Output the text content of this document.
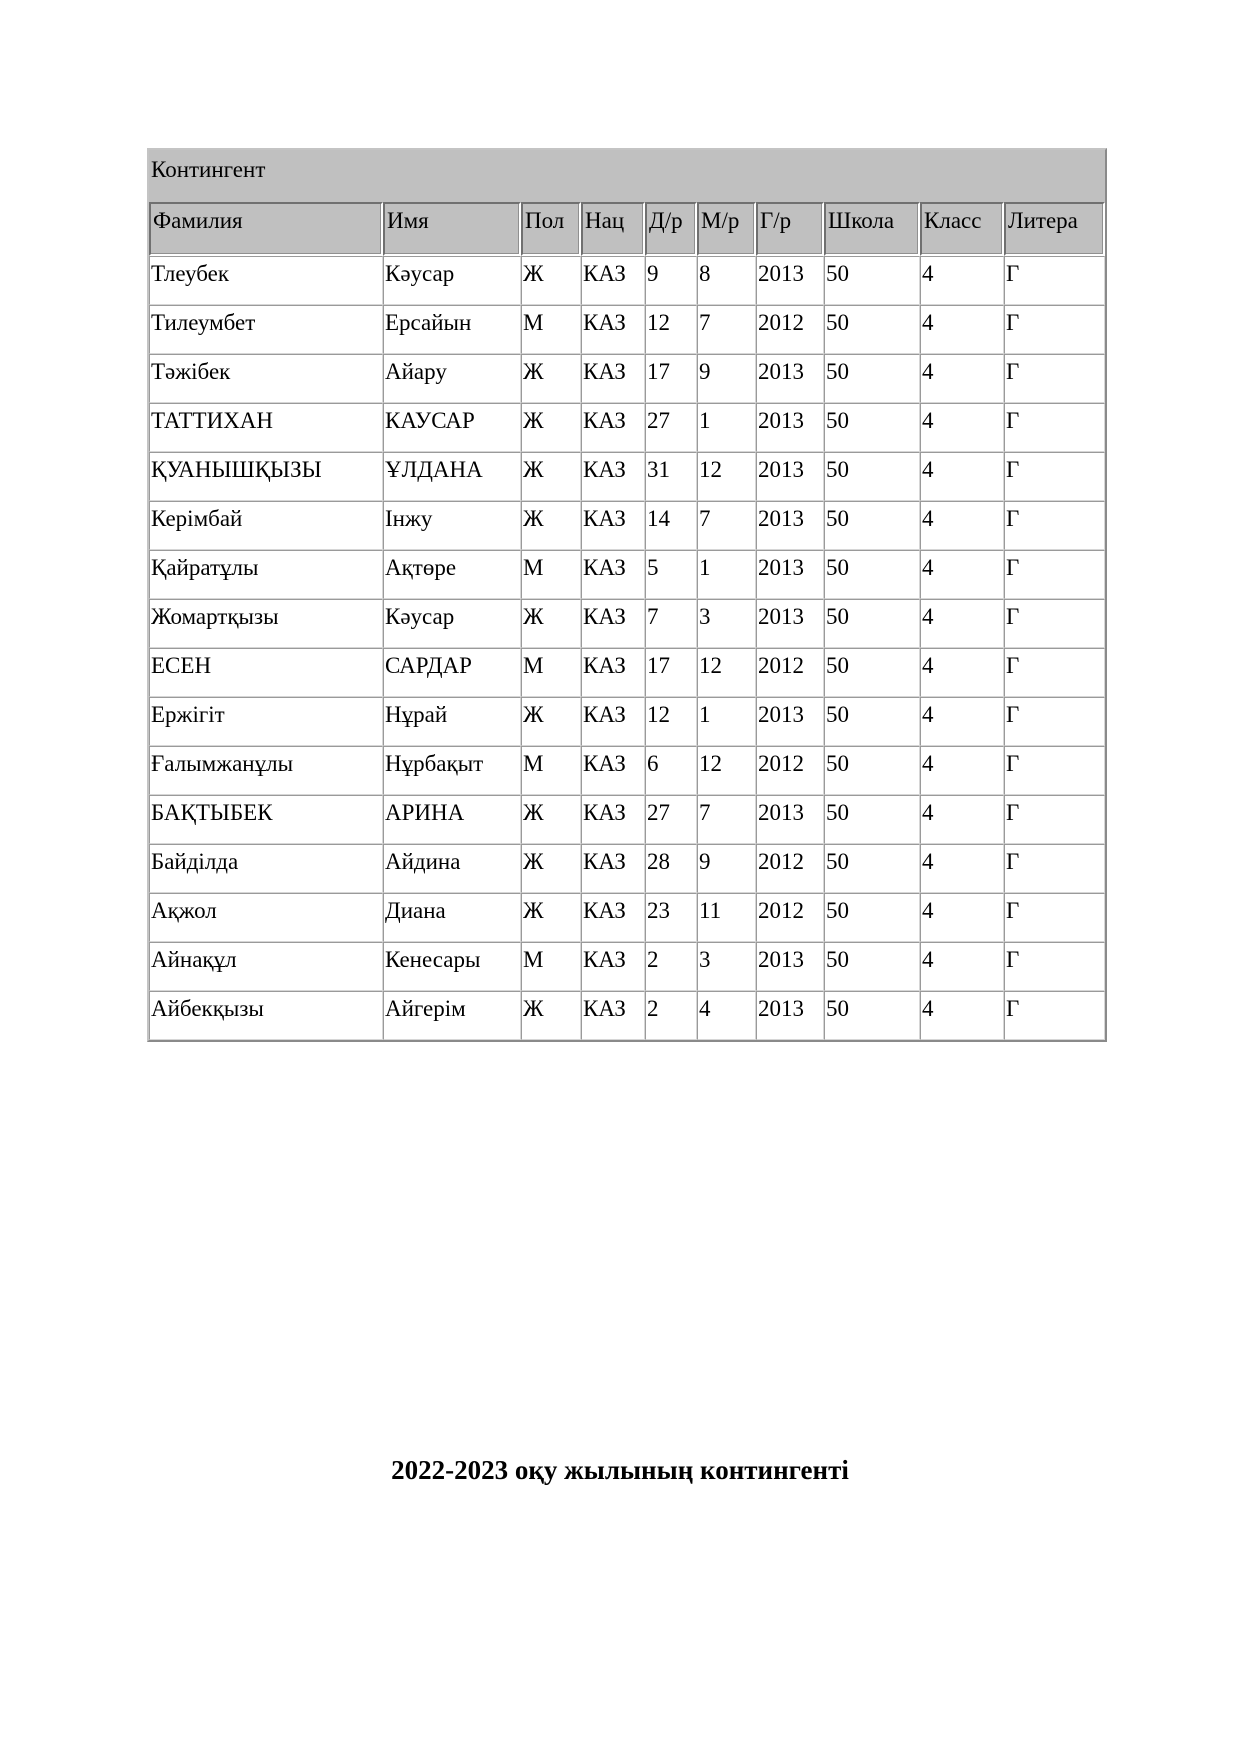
Контингент									
Фамилия	Имя	Пол	Нац	Д/р	М/р	Г/р	Школа	Класс	Литера
Тлеубек	Кәусар	Ж	КАЗ	9	8	2013	50	4	Г
Тилеумбет	Ерсайын	М	КАЗ	12	7	2012	50	4	Г
Тәжібек	Айару	Ж	КАЗ	17	9	2013	50	4	Г
ТАТТИХАН	КАУСАР	Ж	КАЗ	27	1	2013	50	4	Г
ҚУАНЫШҚЫЗЫ	ҰЛДАНА	Ж	КАЗ	31	12	2013	50	4	Г
Керімбай	Інжу	Ж	КАЗ	14	7	2013	50	4	Г
Қайратұлы	Ақтөре	М	КАЗ	5	1	2013	50	4	Г
Жомартқызы	Кәусар	Ж	КАЗ	7	3	2013	50	4	Г
ЕСЕН	САРДАР	М	КАЗ	17	12	2012	50	4	Г
Ержігіт	Нұрай	Ж	КАЗ	12	1	2013	50	4	Г
Ғалымжанұлы	Нұрбақыт	М	КАЗ	6	12	2012	50	4	Г
БАҚТЫБЕК	АРИНА	Ж	КАЗ	27	7	2013	50	4	Г
Байділда	Айдина	Ж	КАЗ	28	9	2012	50	4	Г
Ақжол	Диана	Ж	КАЗ	23	11	2012	50	4	Г
Айнақұл	Кенесары	М	КАЗ	2	3	2013	50	4	Г
Айбекқызы	Айгерім	Ж	КАЗ	2	4	2013	50	4	Г
2022-2023 оқу жылының контингенті
